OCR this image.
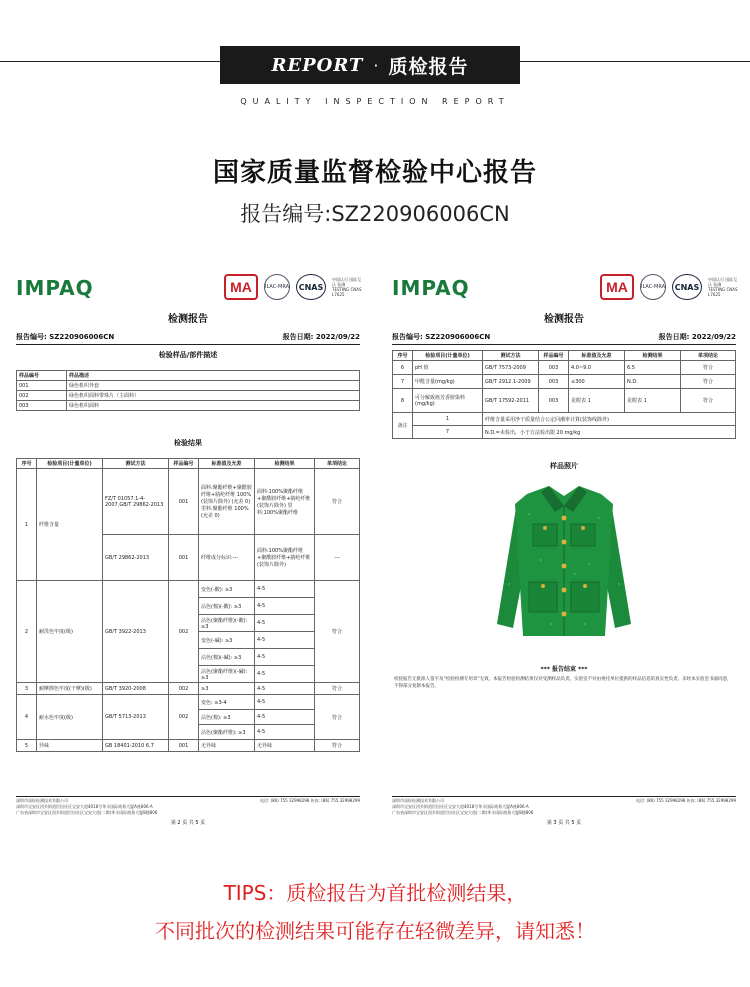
REPORT · 质检报告
QUALITY INSPECTION REPORT
国家质量监督检验中心报告
报告编号:SZ220906006CN
IMPAQ	MA	ILAC-MRA	CNAS
中国认可 国际互认 检测 TESTING CNAS L7625
检测报告
报告编号: SZ220906006CN	报告日期: 2022/09/22
检验样品/部件描述
样品编号	样品描述
001	绿色机织外套
002	绿色机织面料带珠片（主面料）
003	绿色机织面料
检验结果
序号	检验项目(计量单位)	测试方法	样品编号	标准值及允差	检测结果	单项结论
1	纤维含量	FZ/T 01057.1-4-2007,GB/T 29862-2013	001	面料:聚酯纤维+聚酰胺纤维+腈纶纤维 100% (装饰片除外) (允差 0) 里料:聚酯纤维 100% (允差 0)	面料:100%聚酯纤维+聚酰胺纤维+腈纶纤维 (装饰片除外) 里料:100%聚酯纤维	符合
		GB/T 29862-2013	001	纤维成分标识:---	面料:100%聚酯纤维+聚酰胺纤维+腈纶纤维 (装饰片除外)	---
2	耐洗色牢度(级)	GB/T 3922-2013	002	变色(-酸): ≥3	4-5	符合
				沾色(棉)(-酸): ≥3	4-5	
				沾色(聚酯纤维)(-酸): ≥3	4-5	
				变色(-碱): ≥3	4-5	
				沾色(棉)(-碱): ≥3	4-5	
				沾色(聚酯纤维)(-碱): ≥3	4-5	
3	耐摩擦色牢度(干摩)(级)	GB/T 3920-2008	002	≥3	4-5	符合
4	耐水色牢度(级)	GB/T 5713-2013	002	变色: ≥3-4	4-5	符合
				沾色(棉): ≥3	4-5	
				沾色(聚酯纤维): ≥3	4-5	
5	异味	GB 18401-2010 6.7	001	无异味	无异味	符合
深圳市质检检测技术有限公司
深圳市宝安区西乡街道臣田社区宝安大道4018号华丰国际商务大厦A座806-A
广东省深圳市宝安区西乡街道臣田社区宝安大道(二期)华丰国际商务大厦8楼806
电话: (86) 755 32998298 传真: (86) 755 32998299
第 2 页 共 5 页
IMPAQ	MA	ILAC-MRA	CNAS
中国认可 国际互认 检测 TESTING CNAS L7625
检测报告
报告编号: SZ220906006CN	报告日期: 2022/09/22
序号	检验项目(计量单位)	测试方法	样品编号	标准值及允差	检测结果	单项结论
6	pH 值	GB/T 7573-2009	003	4.0~9.0	6.5	符合
7	甲醛含量(mg/kg)	GB/T 2912.1-2009	003	≤300	N.D.	符合
8	可分解致癌芳香胺染料(mg/kg)	GB/T 17592-2011	003	见附表 1	见附表 1	符合
备注	1	纤维含量采用净干质量结合公定回潮率计算(装饰线除外)				
	7	N.D.=未检出，小于方法检出限 20 mg/kg				
样品照片
*** 报告结束 ***
检验报告无批准人签字及“检验检测专用章”无效。本报告检验检测结果仅对受测样品负责。实验室不对由委托单位提供的样品信息的真实性负责。未经本实验室书面同意，不得部分复制本报告。
深圳市质检检测技术有限公司
深圳市宝安区西乡街道臣田社区宝安大道4018号华丰国际商务大厦A座806-A
广东省深圳市宝安区西乡街道臣田社区宝安大道(二期)华丰国际商务大厦8楼806
电话: (86) 755 32998298 传真: (86) 755 32998299
第 3 页 共 5 页
TIPS：质检报告为首批检测结果，
不同批次的检测结果可能存在轻微差异，请知悉！
